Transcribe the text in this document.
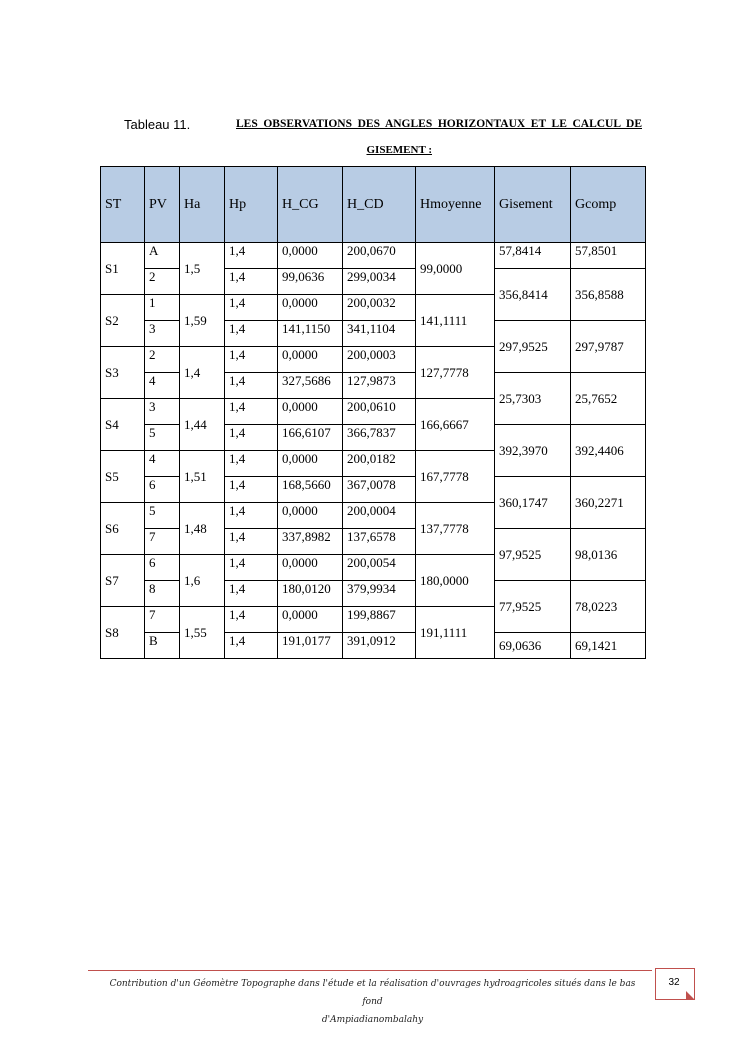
Tableau 11.	LES OBSERVATIONS DES ANGLES HORIZONTAUX ET LE CALCUL DE
GISEMENT :
ST	PV	Ha	Hp	H_CG	H_CD	Hmoyenne	Gisement	Gcomp
S1	A	1,5	1,4	0,0000	200,0670	99,0000	57,8414	57,8501
	2		1,4	99,0636	299,0034		356,8414	356,8588
S2	1	1,59	1,4	0,0000	200,0032	141,1111		
	3		1,4	141,1150	341,1104		297,9525	297,9787
S3	2	1,4	1,4	0,0000	200,0003	127,7778		
	4		1,4	327,5686	127,9873		25,7303	25,7652
S4	3	1,44	1,4	0,0000	200,0610	166,6667		
	5		1,4	166,6107	366,7837		392,3970	392,4406
S5	4	1,51	1,4	0,0000	200,0182	167,7778		
	6		1,4	168,5660	367,0078		360,1747	360,2271
S6	5	1,48	1,4	0,0000	200,0004	137,7778		
	7		1,4	337,8982	137,6578		97,9525	98,0136
S7	6	1,6	1,4	0,0000	200,0054	180,0000		
	8		1,4	180,0120	379,9934		77,9525	78,0223
S8	7	1,55	1,4	0,0000	199,8867	191,1111		
	B		1,4	191,0177	391,0912		69,0636	69,1421
Contribution d'un Géomètre Topographe dans l'étude et la réalisation d'ouvrages hydroagricoles situés dans le bas fond
d'Ampiadianombalahy
32
